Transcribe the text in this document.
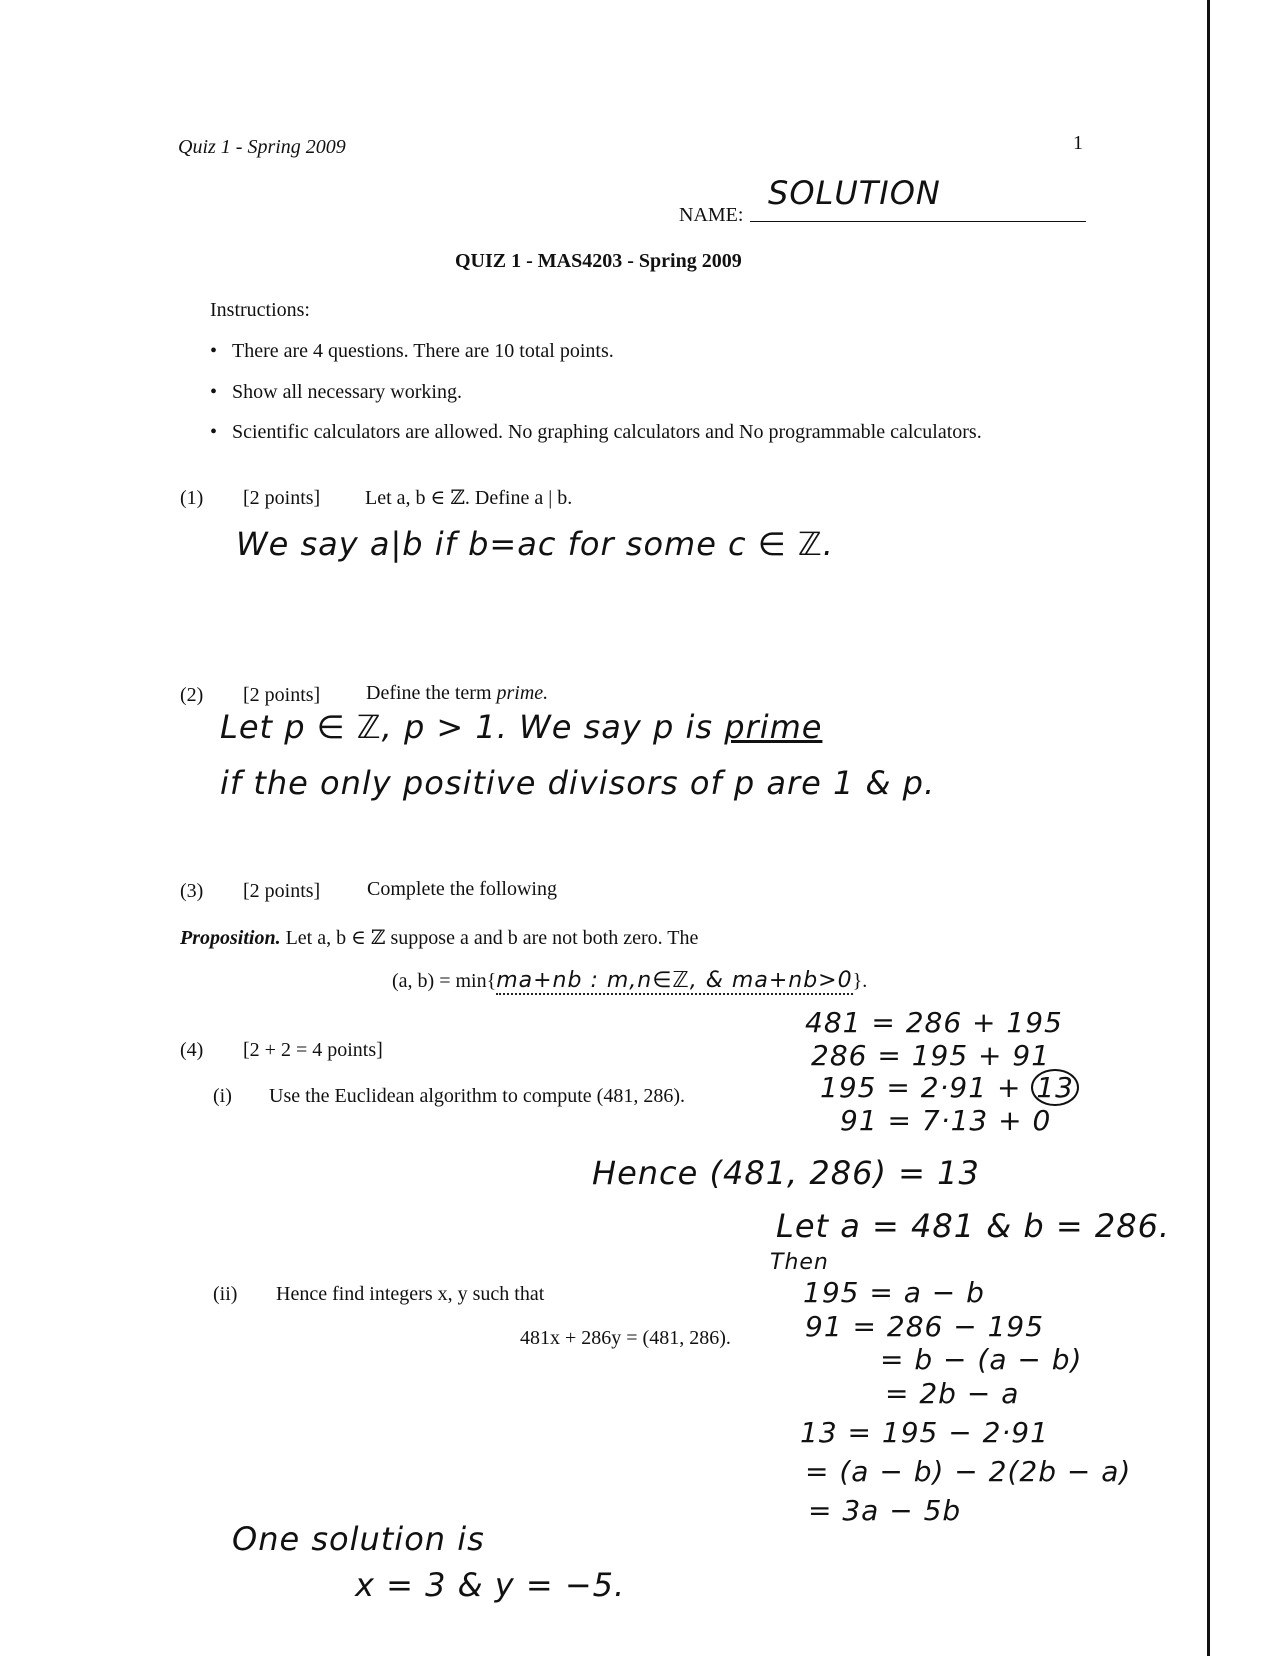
Quiz 1 - Spring 2009	1
NAME:
SOLUTION
QUIZ 1 - MAS4203 - Spring 2009
Instructions:
• There are 4 questions. There are 10 total points.
• Show all necessary working.
• Scientific calculators are allowed. No graphing calculators and No programmable calculators.
(1) [2 points] Let a, b ∈ ℤ. Define a | b.
We say a|b if b=ac for some c ∈ ℤ.
(2) [2 points] Define the term prime.
Let p ∈ ℤ, p > 1. We say p is prime
if the only positive divisors of p are 1 & p.
(3) [2 points] Complete the following
Proposition. Let a, b ∈ ℤ suppose a and b are not both zero. The
(a, b) = min{ma+nb : m,n∈ℤ, & ma+nb>0}.
(4) [2 + 2 = 4 points]
(i) Use the Euclidean algorithm to compute (481, 286).
481 = 286 + 195
286 = 195 + 91
195 = 2·91 + 13
91 = 7·13 + 0
Hence (481, 286) = 13
Let a = 481 & b = 286.
Then
(ii) Hence find integers x, y such that
481x + 286y = (481, 286).
195 = a − b
91 = 286 − 195
= b − (a − b)
= 2b − a
13 = 195 − 2·91
= (a − b) − 2(2b − a)
= 3a − 5b
One solution is
x = 3 & y = −5.
